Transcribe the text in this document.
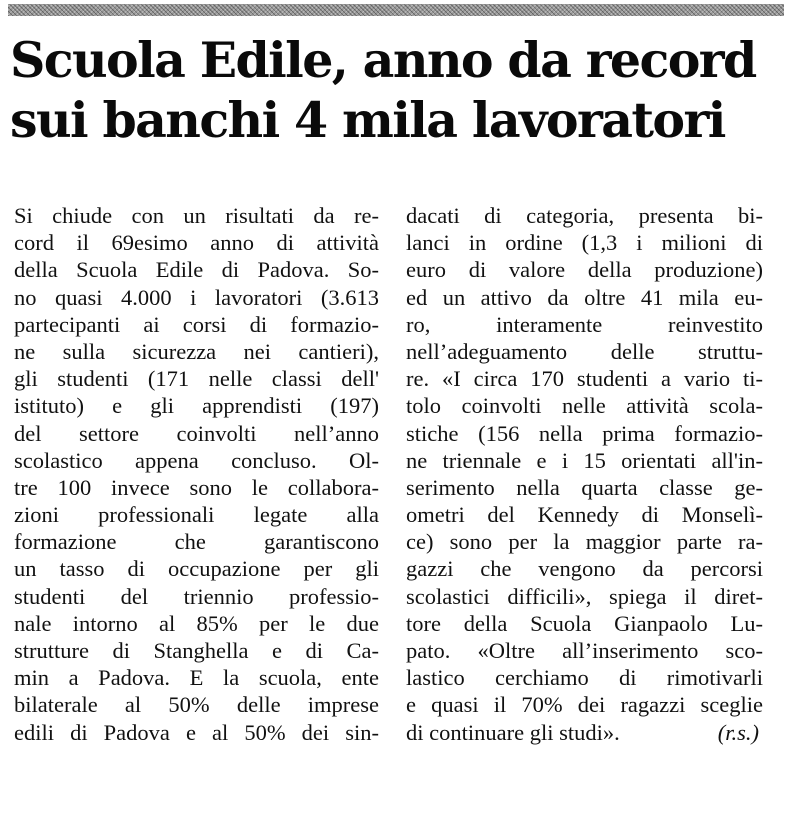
Scuola Edile, anno da record
sui banchi 4 mila lavoratori
Si chiude con un risultati da re-
cord il 69esimo anno di attività
della Scuola Edile di Padova. So-
no quasi 4.000 i lavoratori (3.613
partecipanti ai corsi di formazio-
ne sulla sicurezza nei cantieri),
gli studenti (171 nelle classi dell'
istituto) e gli apprendisti (197)
del settore coinvolti nell’anno
scolastico appena concluso. Ol-
tre 100 invece sono le collabora-
zioni professionali legate alla
formazione che garantiscono
un tasso di occupazione per gli
studenti del triennio professio-
nale intorno al 85% per le due
strutture di Stanghella e di Ca-
min a Padova. E la scuola, ente
bilaterale al 50% delle imprese
edili di Padova e al 50% dei sin-
dacati di categoria, presenta bi-
lanci in ordine (1,3 i milioni di
euro di valore della produzione)
ed un attivo da oltre 41 mila eu-
ro, interamente reinvestito
nell’adeguamento delle struttu-
re. «I circa 170 studenti a vario ti-
tolo coinvolti nelle attività scola-
stiche (156 nella prima formazio-
ne triennale e i 15 orientati all'in-
serimento nella quarta classe ge-
ometri del Kennedy di Monselì-
ce) sono per la maggior parte ra-
gazzi che vengono da percorsi
scolastici difficili», spiega il diret-
tore della Scuola Gianpaolo Lu-
pato. «Oltre all’inserimento sco-
lastico cerchiamo di rimotivarli
e quasi il 70% dei ragazzi sceglie
di continuare gli studi».	(r.s.)
